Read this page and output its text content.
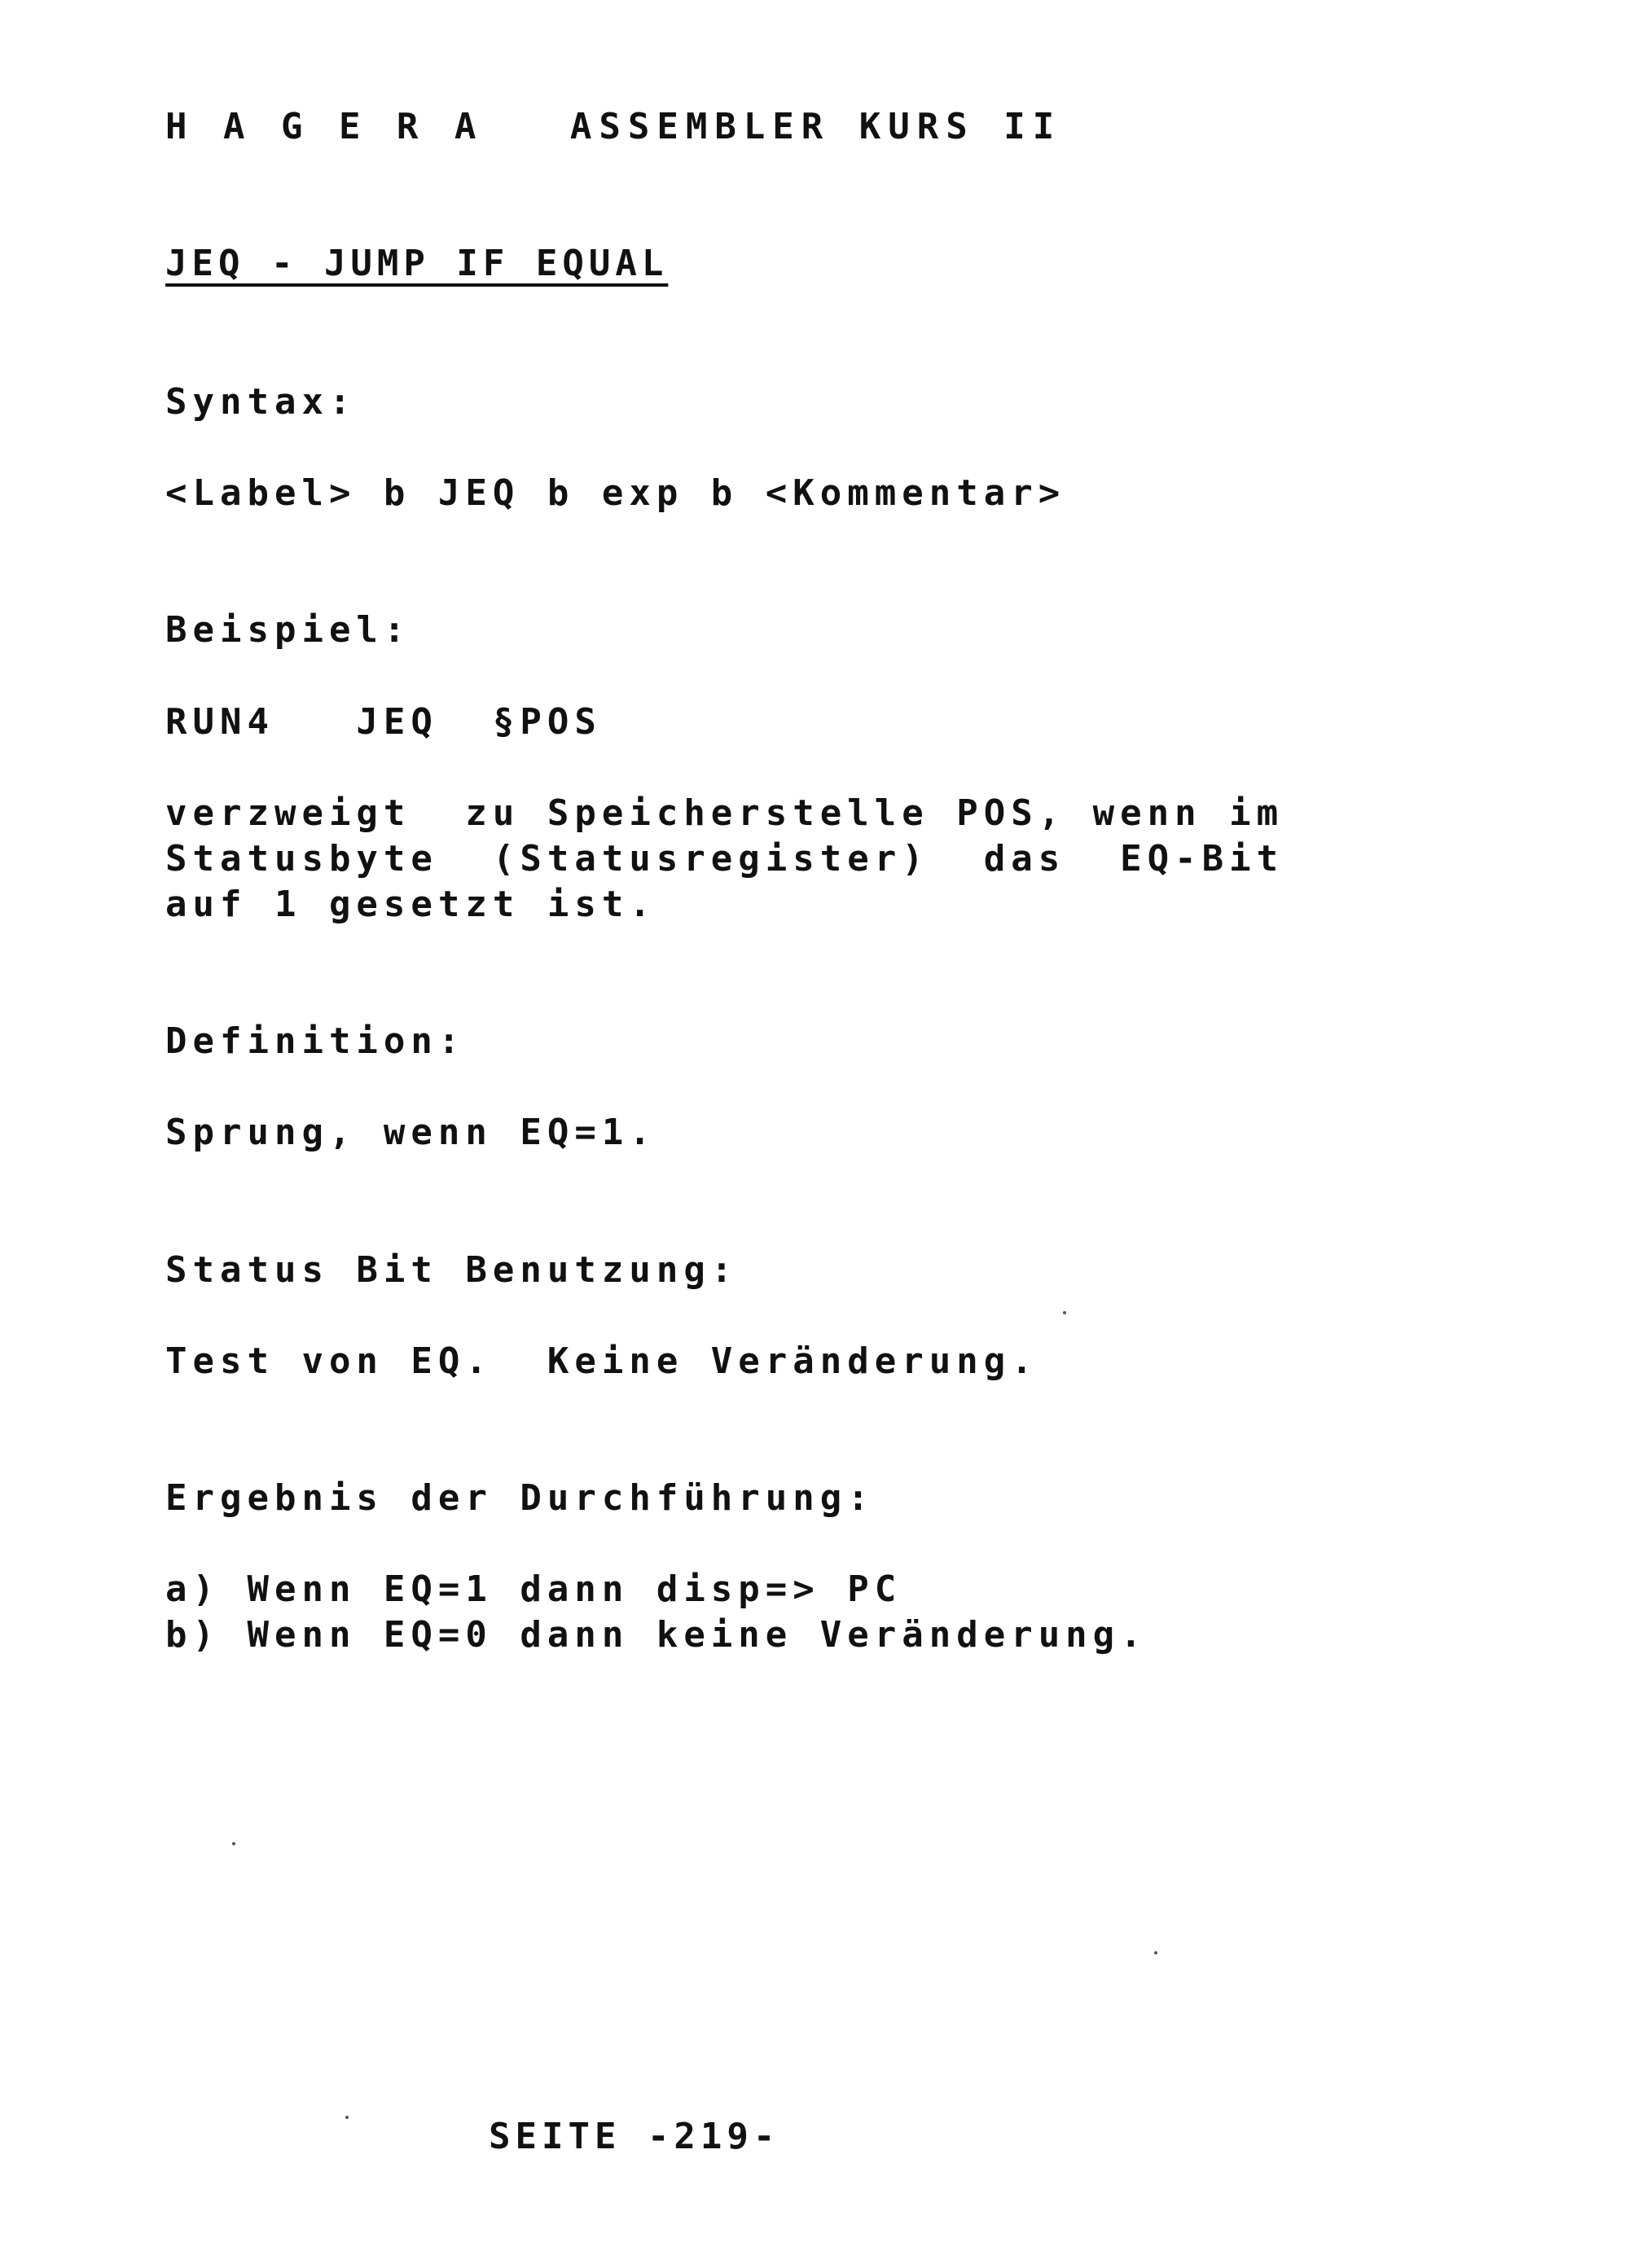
H A G E R A   ASSEMBLER KURS II
JEQ - JUMP IF EQUAL
Syntax:
<Label> b JEQ b exp b <Kommentar>
Beispiel:
RUN4   JEQ  §POS
verzweigt  zu Speicherstelle POS, wenn im
Statusbyte  (Statusregister)  das  EQ-Bit
auf 1 gesetzt ist.
Definition:
Sprung, wenn EQ=1.
Status Bit Benutzung:
Test von EQ.  Keine Veränderung.
Ergebnis der Durchführung:
a) Wenn EQ=1 dann disp=> PC
b) Wenn EQ=0 dann keine Veränderung.
SEITE -219-
